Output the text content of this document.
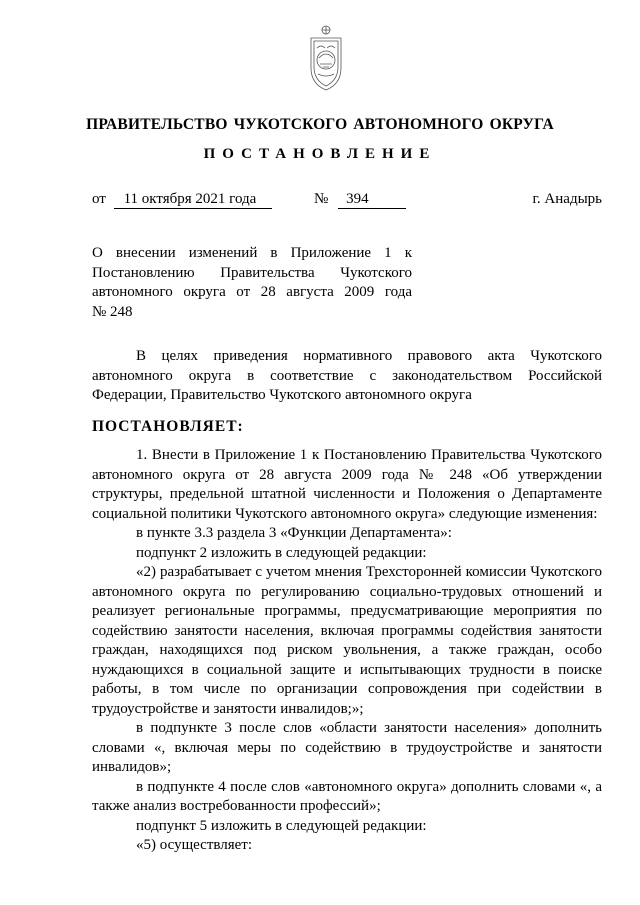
ПРАВИТЕЛЬСТВО ЧУКОТСКОГО АВТОНОМНОГО ОКРУГА
ПОСТАНОВЛЕНИЕ
от 11 октября 2021 года	№ 394	г. Анадырь
О внесении изменений в Приложение 1 к
Постановлению Правительства Чукотского
автономного округа от 28 августа 2009 года
№ 248

В целях приведения нормативного правового акта Чукотского автономного округа в соответствие с законодательством Российской Федерации, Правительство Чукотского автономного округа

ПОСТАНОВЛЯЕТ:

1. Внести в Приложение 1 к Постановлению Правительства Чукотского автономного округа от 28 августа 2009 года № 248 «Об утверждении структуры, предельной штатной численности и Положения о Департаменте социальной политики Чукотского автономного округа» следующие изменения:

в пункте 3.3 раздела 3 «Функции Департамента»:

подпункт 2 изложить в следующей редакции:

«2) разрабатывает с учетом мнения Трехсторонней комиссии Чукотского автономного округа по регулированию социально-трудовых отношений и реализует региональные программы, предусматривающие мероприятия по содействию занятости населения, включая программы содействия занятости граждан, находящихся под риском увольнения, а также граждан, особо нуждающихся в социальной защите и испытывающих трудности в поиске работы, в том числе по организации сопровождения при содействии в трудоустройстве и занятости инвалидов;»;

в подпункте 3 после слов «области занятости населения» дополнить словами «, включая меры по содействию в трудоустройстве и занятости инвалидов»;

в подпункте 4 после слов «автономного округа» дополнить словами «, а также анализ востребованности профессий»;

подпункт 5 изложить в следующей редакции:

«5) осуществляет:
